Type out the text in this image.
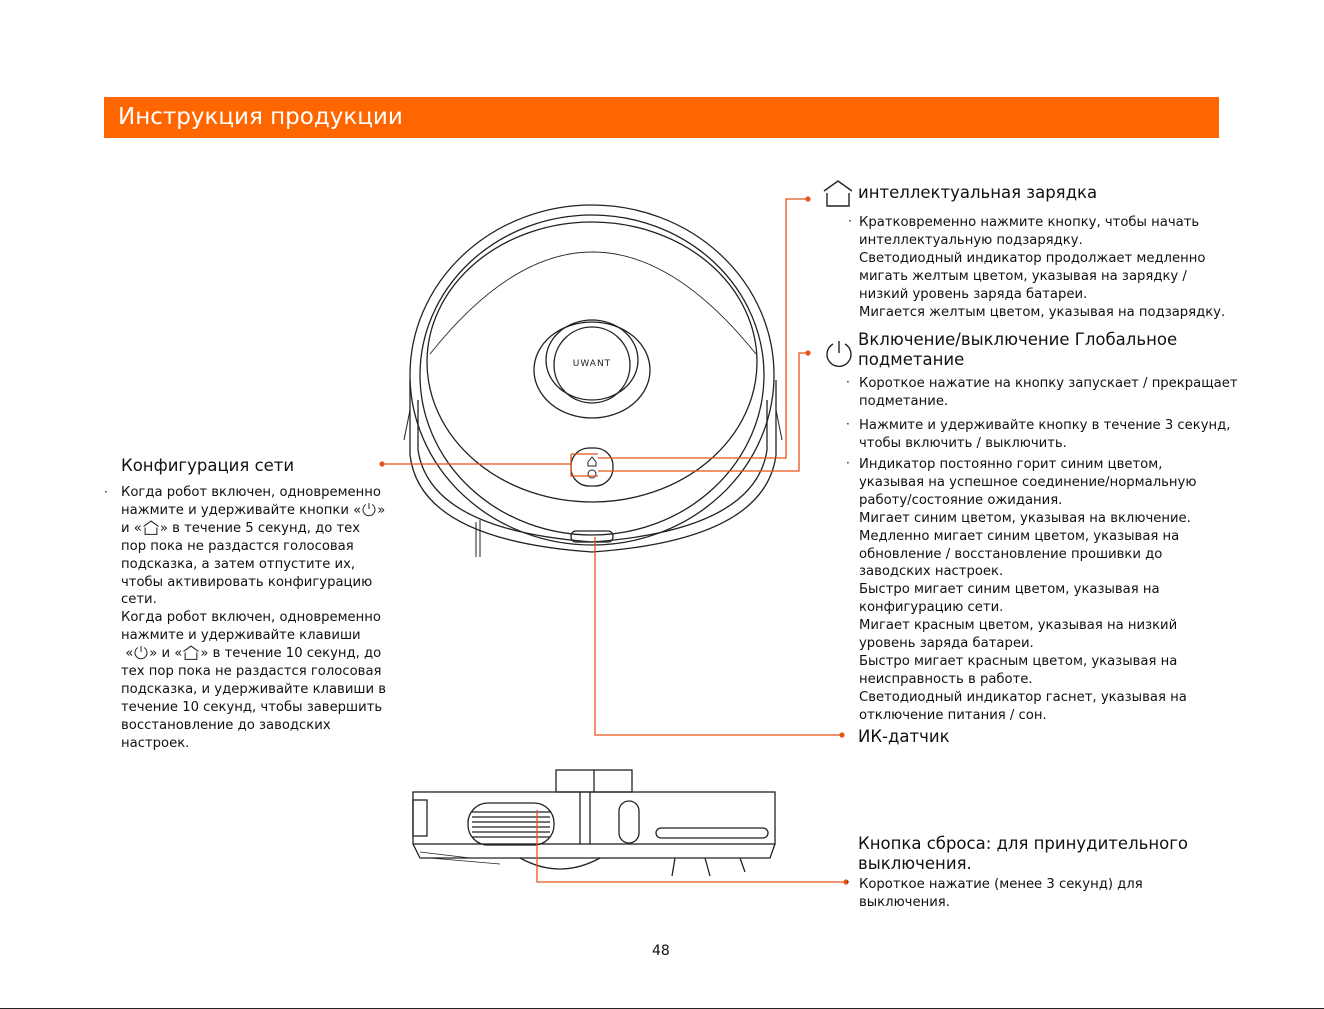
Инструкция продукции
UWANT
интеллектуальная зарядка
· Кратковременно нажмите кнопку, чтобы начать
интеллектуальную подзарядку.
Светодиодный индикатор продолжает медленно
мигать желтым цветом, указывая на зарядку /
низкий уровень заряда батареи.
Мигается желтым цветом, указывая на подзарядку.
Включение/выключение Глобальное
подметание
· Короткое нажатие на кнопку запускает / прекращает
подметание.
· Нажмите и удерживайте кнопку в течение 3 секунд,
чтобы включить / выключить.
· Индикатор постоянно горит синим цветом,
указывая на успешное соединение/нормальную
работу/состояние ожидания.
Мигает синим цветом, указывая на включение.
Медленно мигает синим цветом, указывая на
обновление / восстановление прошивки до
заводских настроек.
Быстро мигает синим цветом, указывая на
конфигурацию сети.
Мигает красным цветом, указывая на низкий
уровень заряда батареи.
Быстро мигает красным цветом, указывая на
неисправность в работе.
Светодиодный индикатор гаснет, указывая на
отключение питания / сон.
ИК-датчик
Конфигурация сети
· Когда робот включен, одновременно
нажмите и удерживайте кнопки « »
и « » в течение 5 секунд, до тех
пор пока не раздастся голосовая
подсказка, а затем отпустите их,
чтобы активировать конфигурацию
сети.
Когда робот включен, одновременно
нажмите и удерживайте клавиши
« » и « » в течение 10 секунд, до
тех пор пока не раздастся голосовая
подсказка, и удерживайте клавиши в
течение 10 секунд, чтобы завершить
восстановление до заводских
настроек.
Кнопка сброса: для принудительного
выключения.
· Короткое нажатие (менее 3 секунд) для
выключения.
48
